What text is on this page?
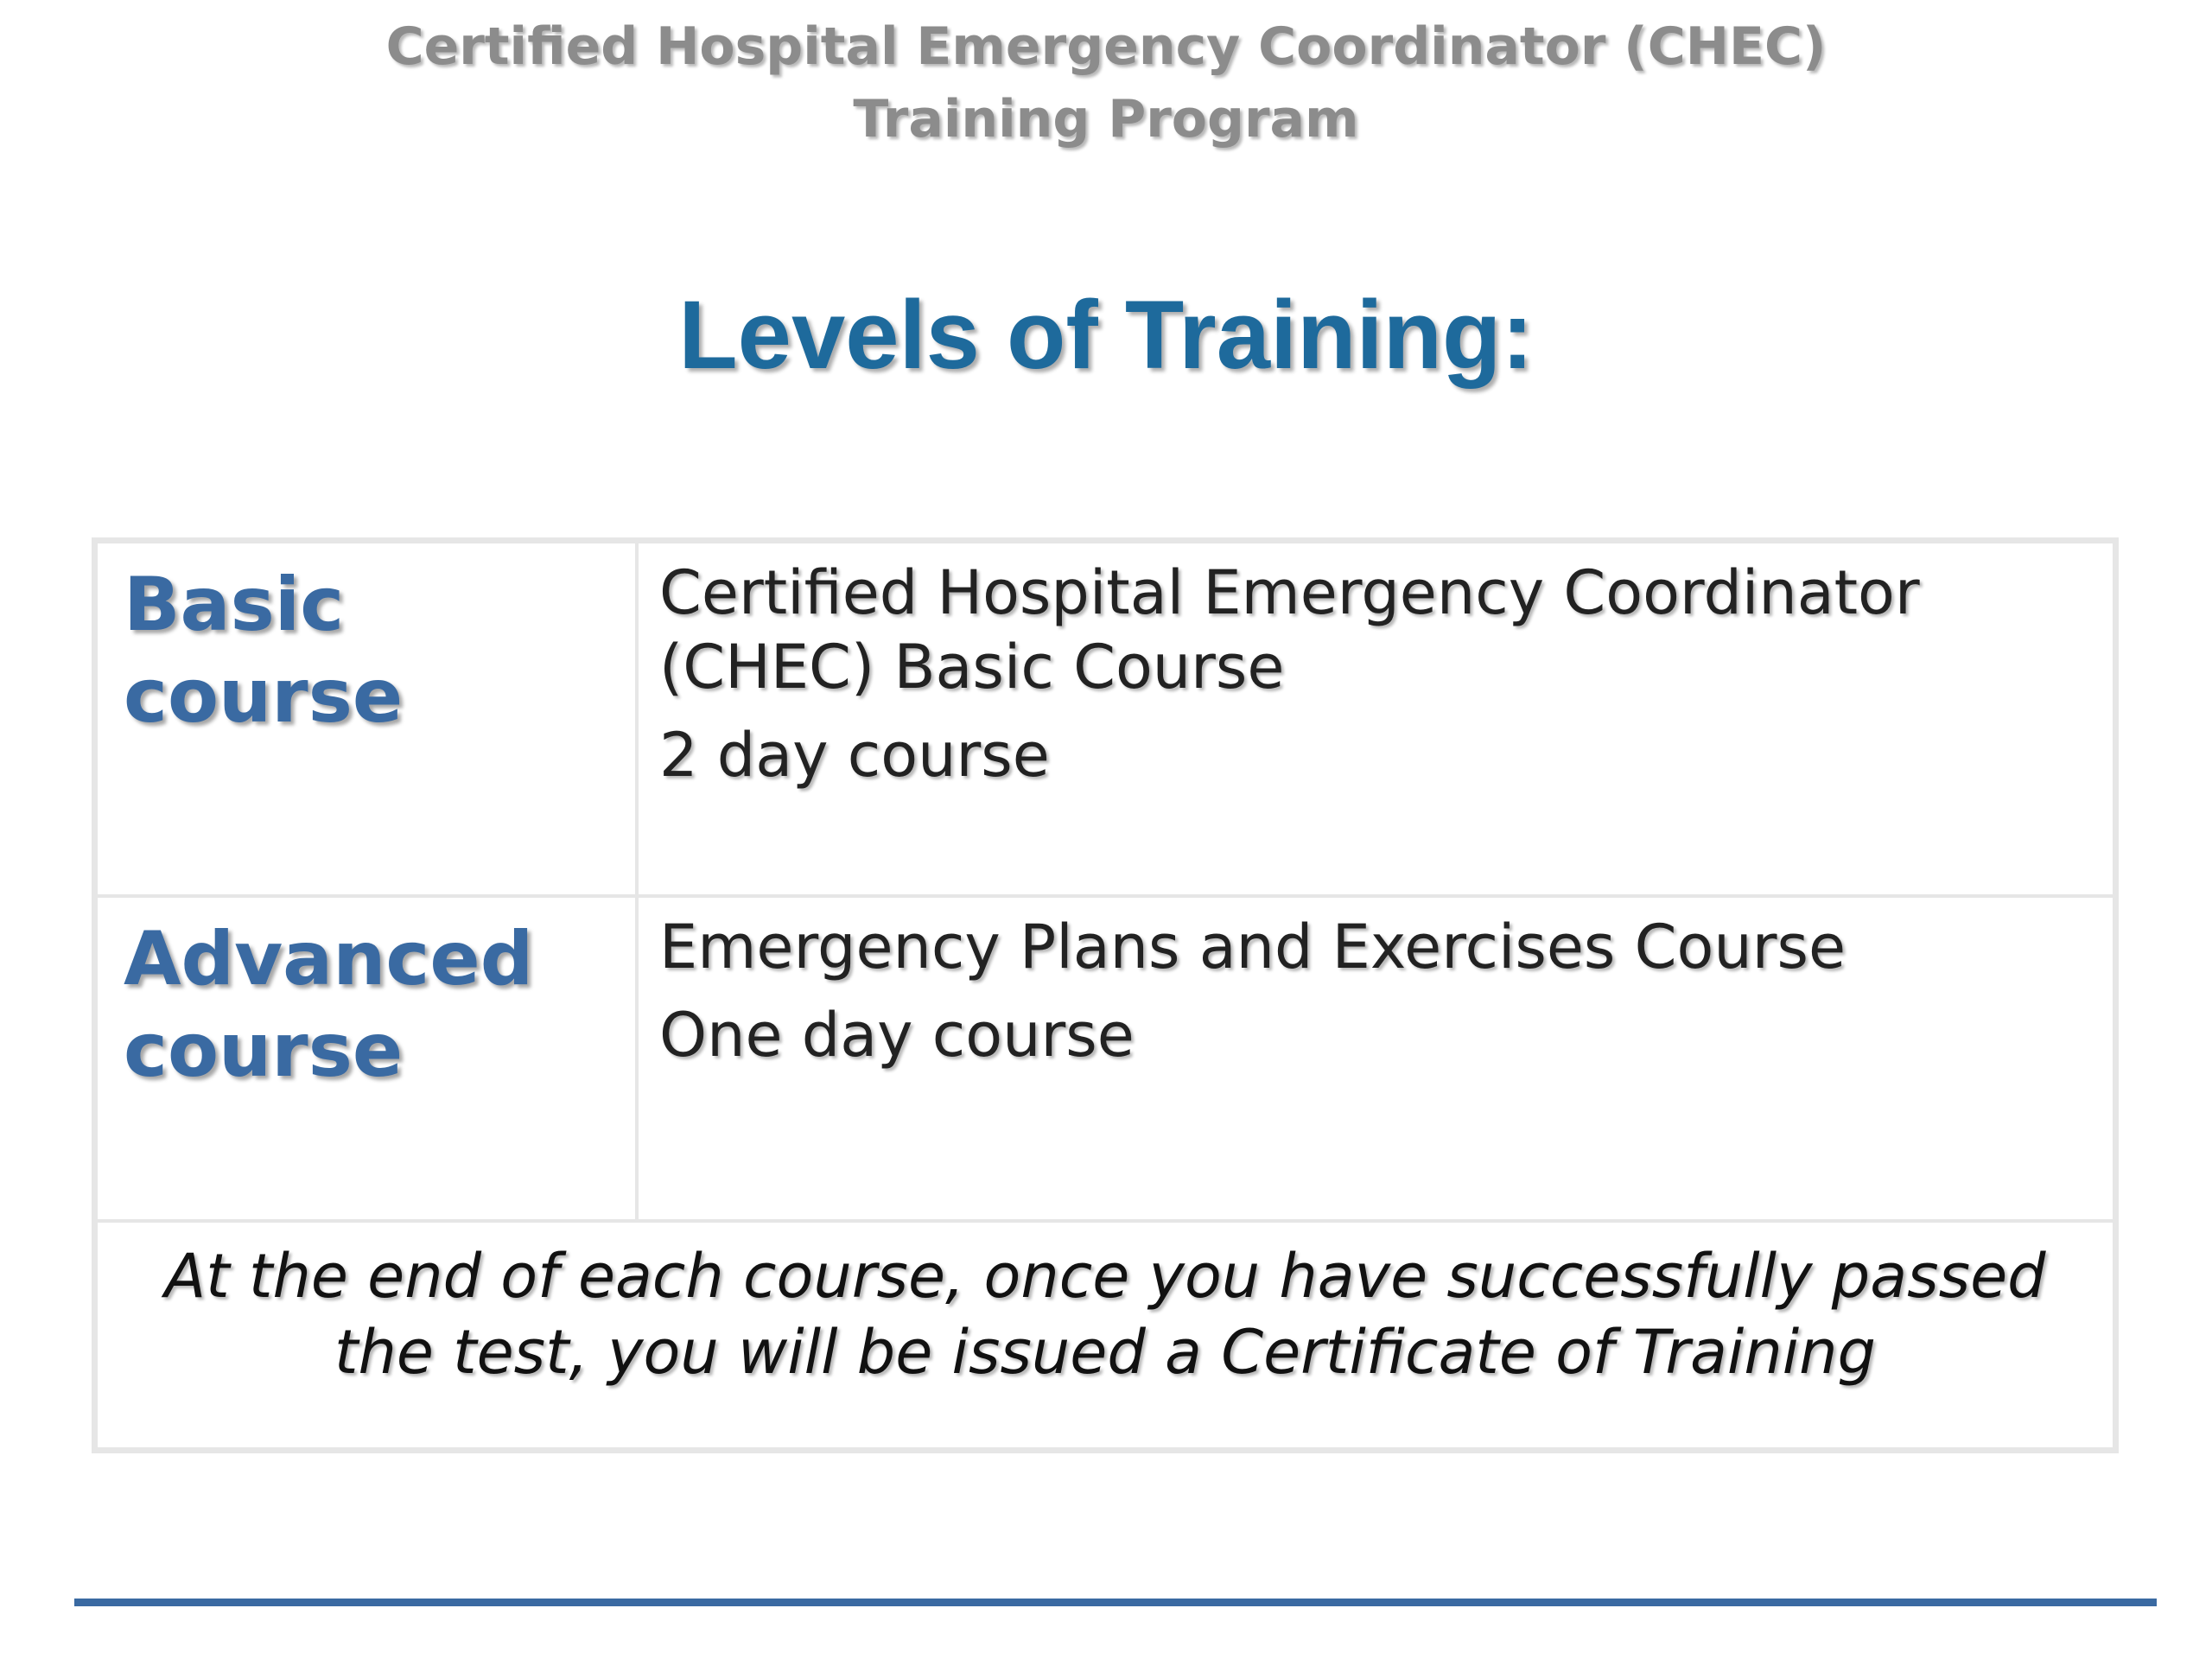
Certified Hospital Emergency Coordinator (CHEC)
Training Program
Levels of Training:
Basic
course
Certified Hospital Emergency Coordinator
(CHEC) Basic Course
2 day course
Advanced
course
Emergency Plans and Exercises Course
One day course
At the end of each course, once you have successfully passed
the test, you will be issued a Certificate of Training
